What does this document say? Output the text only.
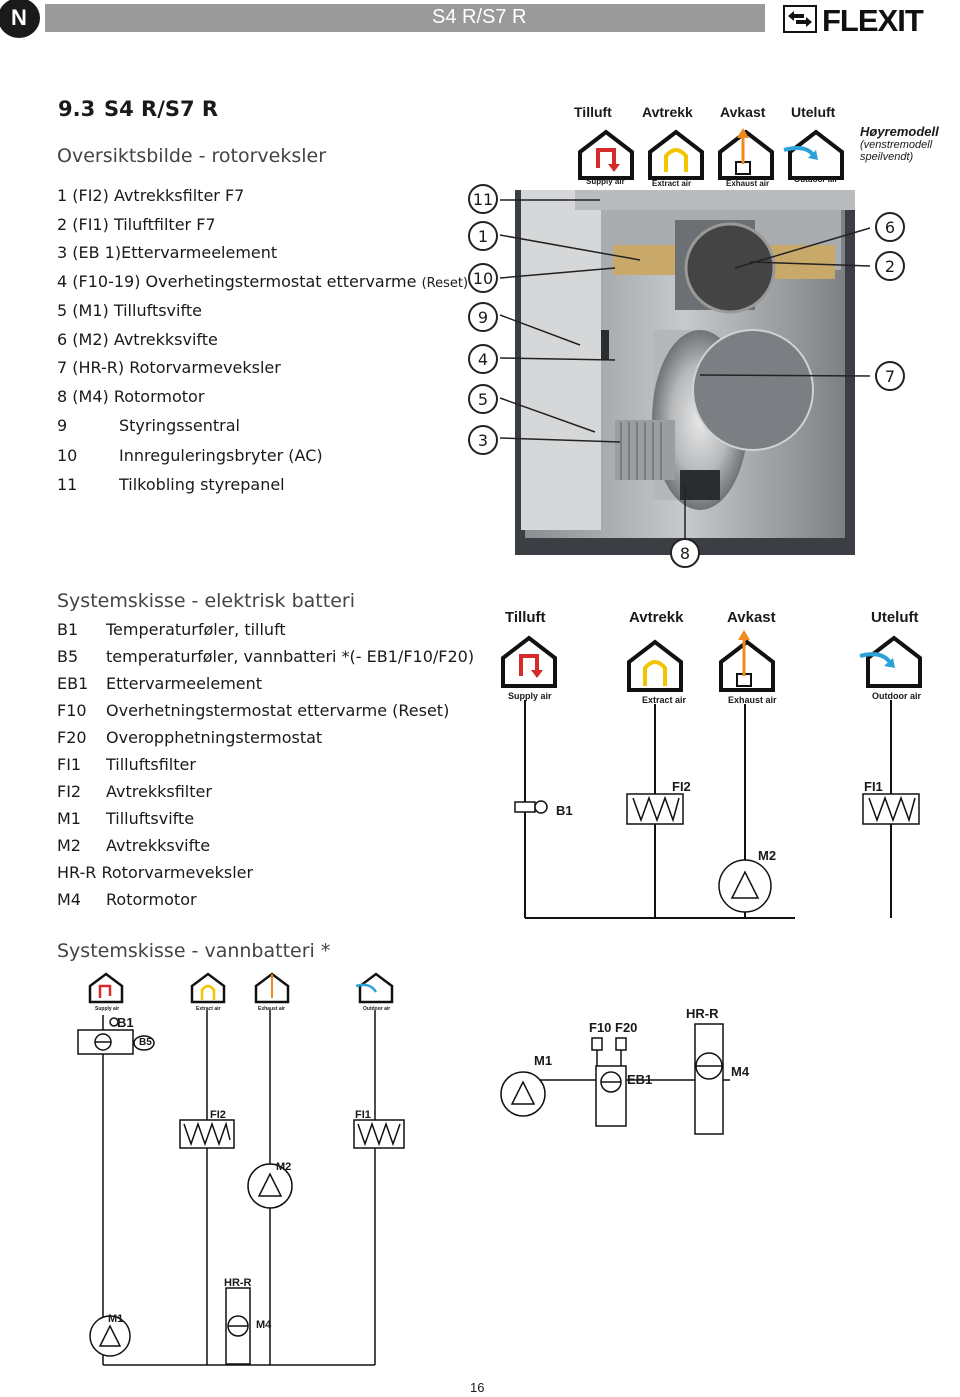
N	S4 R/S7 R	FLEXIT
9.3 S4 R/S7 R
Oversiktsbilde - rotorveksler
1 (FI2) Avtrekksfilter F7
2 (FI1) Tiluftfilter F7
3 (EB 1)Ettervarmeelement
4 (F10-19) Overhetingstermostat ettervarme (Reset)
5 (M1) Tilluftsvifte
6 (M2) Avtrekksvifte
7 (HR-R) Rotorvarmeveksler
8 (M4) Rotormotor
9	Styringssentral
10	Innreguleringsbryter (AC)
11	Tilkobling styrepanel
Tilluft Avtrekk Avkast Uteluft
Høyremodell
(venstremodell
speilvendt)
Supply air	Extract air	Exhaust air	Outdoor air
11
1
10
9
4
5
3
6
2
7
8
Systemskisse - elektrisk batteri
B1 Temperaturføler, tilluft
B5 temperaturføler, vannbatteri *(- EB1/F10/F20)
EB1 Ettervarmeelement
F10 Overhetningstermostat ettervarme (Reset)
F20 Overopphetningstermostat
FI1 Tilluftsfilter
FI2 Avtrekksfilter
M1 Tilluftsvifte
M2 Avtrekksvifte
HR-R Rotorvarmeveksler
M4 Rotormotor
Tilluft	Avtrekk	Avkast	Uteluft
Supply air	Extract air	Exhaust air	Outdoor air
B1
FI2	FI1
M2
Systemskisse - vannbatteri *
Supply air	Extract air	Exhaust air	Outdoor air
B1
B5
M1
F10 F20
HR-R
EB1
M4
FI2	FI1
M2
HR-R
M1	M4
16
